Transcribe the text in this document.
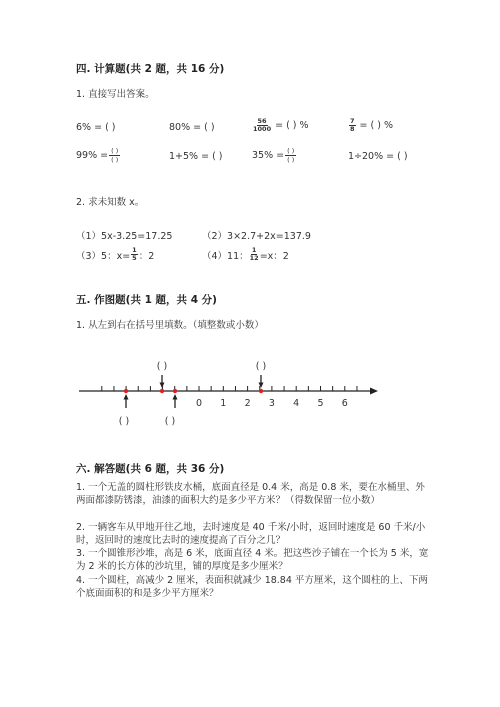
四. 计算题(共 2 题，共 16 分)
1. 直接写出答案。
6% = ( )	80% = ( )	$\frac{56}{1000}$ = ( ) %	$\frac{7}{8}$ = ( ) %
$99\% = \frac{( )}{( )}$	1+5% = ( )	$35\% = \frac{( )}{( )}$	1÷20% = ( )
2. 求未知数 x。
（1）5x-3.25=17.25	（2）3×2.7+2x=137.9
（3）5：$x= \frac{1}{5}$ ：2	（4）11： $\frac{1}{12} =x$：2
五. 作图题(共 1 题，共 4 分)
1. 从左到右在括号里填数。（填整数或小数）
0 1 2 3 4 5 6
( )	( )
( )	( )
六. 解答题(共 6 题，共 36 分)
1. 一个无盖的圆柱形铁皮水桶，底面直径是 0.4 米，高是 0.8 米，要在水桶里、外两面都漆防锈漆，油漆的面积大约是多少平方米？（得数保留一位小数）
2. 一辆客车从甲地开往乙地，去时速度是 40 千米/小时，返回时速度是 60 千米/小时，返回时的速度比去时的速度提高了百分之几？
3. 一个圆锥形沙堆，高是 6 米，底面直径 4 米。把这些沙子铺在一个长为 5 米，宽为 2 米的长方体的沙坑里，铺的厚度是多少厘米？
4. 一个圆柱，高减少 2 厘米，表面积就减少 18.84 平方厘米，这个圆柱的上、下两个底面面积的和是多少平方厘米？
